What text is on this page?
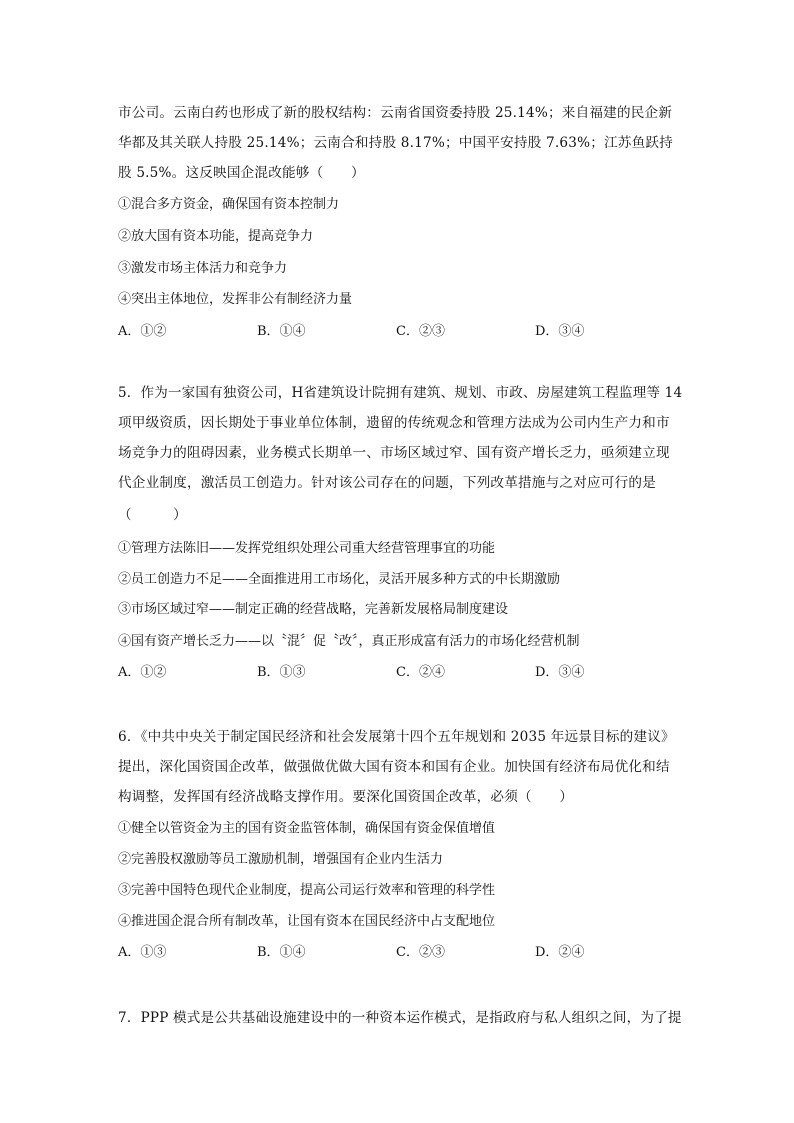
市公司。云南白药也形成了新的股权结构：云南省国资委持股 25.14%；来自福建的民企新
华都及其关联人持股 25.14%；云南合和持股 8.17%；中国平安持股 7.63%；江苏鱼跃持
股 5.5%。这反映国企混改能够（　　）
①混合多方资金，确保国有资本控制力
②放大国有资本功能，提高竞争力
③激发市场主体活力和竞争力
④突出主体地位，发挥非公有制经济力量
A．①②	B．①④	C．②③	D．③④
5．作为一家国有独资公司，H省建筑设计院拥有建筑、规划、市政、房屋建筑工程监理等 14
项甲级资质，因长期处于事业单位体制，遗留的传统观念和管理方法成为公司内生产力和市
场竞争力的阻碍因素，业务模式长期单一、市场区域过窄、国有资产增长乏力，亟须建立现
代企业制度，激活员工创造力。针对该公司存在的问题，下列改革措施与之对应可行的是
（　　　）
①管理方法陈旧——发挥党组织处理公司重大经营管理事宜的功能
②员工创造力不足——全面推进用工市场化，灵活开展多种方式的中长期激励
③市场区域过窄——制定正确的经营战略，完善新发展格局制度建设
④国有资产增长乏力——以〝混〞促〝改〞，真正形成富有活力的市场化经营机制
A．①②	B．①③	C．②④	D．③④
6．《中共中央关于制定国民经济和社会发展第十四个五年规划和 2035 年远景目标的建议》
提出，深化国资国企改革，做强做优做大国有资本和国有企业。加快国有经济布局优化和结
构调整，发挥国有经济战略支撑作用。要深化国资国企改革，必须（　　）
①健全以管资金为主的国有资金监管体制，确保国有资金保值增值
②完善股权激励等员工激励机制，增强国有企业内生活力
③完善中国特色现代企业制度，提高公司运行效率和管理的科学性
④推进国企混合所有制改革，让国有资本在国民经济中占支配地位
A．①③	B．①④	C．②③	D．②④
7．PPP 模式是公共基础设施建设中的一种资本运作模式，是指政府与私人组织之间，为了提
